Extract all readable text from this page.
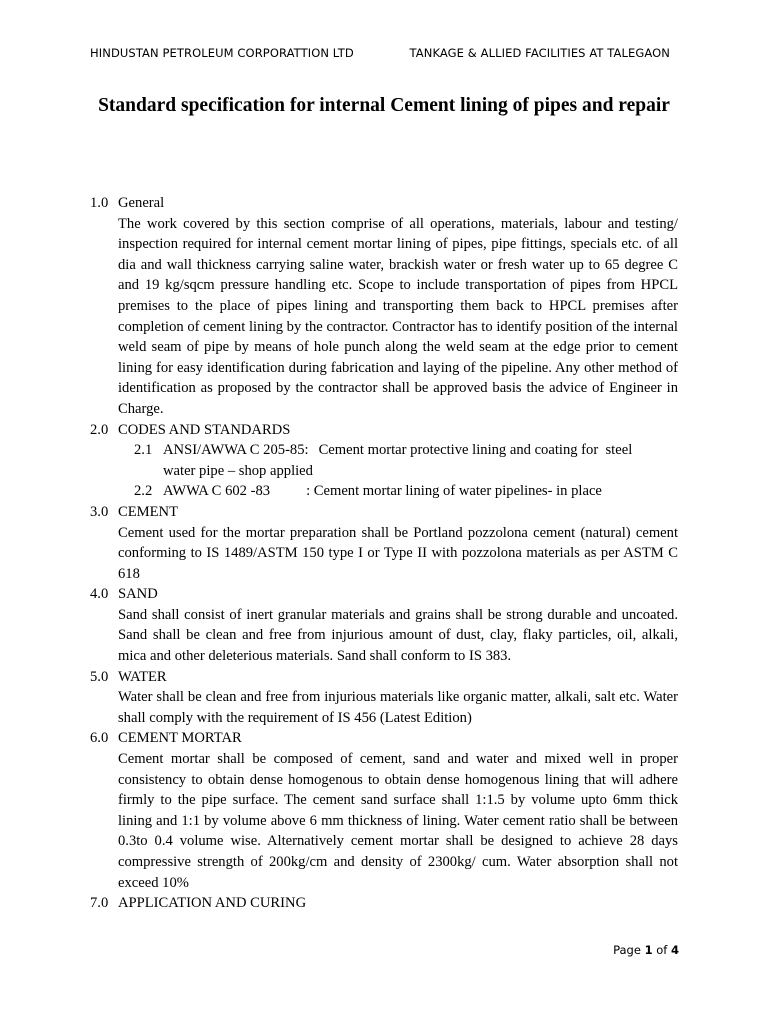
HINDUSTAN PETROLEUM CORPORATTION LTD	TANKAGE & ALLIED FACILITIES AT TALEGAON
Standard specification for internal Cement lining of pipes and repair
1.0 General
The work covered by this section comprise of all operations, materials, labour and testing/ inspection required for internal cement mortar lining of pipes, pipe fittings, specials etc. of all dia and wall thickness carrying saline water, brackish water or fresh water up to 65 degree C and 19 kg/sqcm pressure handling etc. Scope to include transportation of pipes from HPCL premises to the place of pipes lining and transporting them back to HPCL premises after completion of cement lining by the contractor. Contractor has to identify position of the internal weld seam of pipe by means of hole punch along the weld seam at the edge prior to cement lining for easy identification during fabrication and laying of the pipeline. Any other method of identification as proposed by the contractor shall be approved basis the advice of Engineer in Charge.
2.0 CODES AND STANDARDS
2.1 ANSI/AWWA C 205-85: Cement mortar protective lining and coating for  steel
water pipe – shop applied
2.2 AWWA C 602 -83 : Cement mortar lining of water pipelines- in place
3.0 CEMENT
Cement used for the mortar preparation shall be Portland pozzolona cement (natural) cement conforming to IS 1489/ASTM 150 type I or Type II with pozzolona materials as per ASTM C 618
4.0 SAND
Sand shall consist of inert granular materials and grains shall be strong durable and uncoated. Sand shall be clean and free from injurious amount of dust, clay, flaky particles, oil, alkali, mica and other deleterious materials. Sand shall conform to IS 383.
5.0 WATER
Water shall be clean and free from injurious materials like organic matter, alkali, salt etc. Water shall comply with the requirement of IS 456 (Latest Edition)
6.0 CEMENT MORTAR
Cement mortar shall be composed of cement, sand and water and mixed well in proper consistency to obtain dense homogenous to obtain dense homogenous lining that will adhere firmly to the pipe surface. The cement sand surface shall 1:1.5 by volume upto 6mm thick lining and 1:1 by volume above 6 mm thickness of lining. Water cement ratio shall be between 0.3to 0.4 volume wise. Alternatively cement mortar shall be designed to achieve 28 days compressive strength of 200kg/cm and density of 2300kg/ cum. Water absorption shall not exceed 10%
7.0 APPLICATION AND CURING
Page 1 of 4
